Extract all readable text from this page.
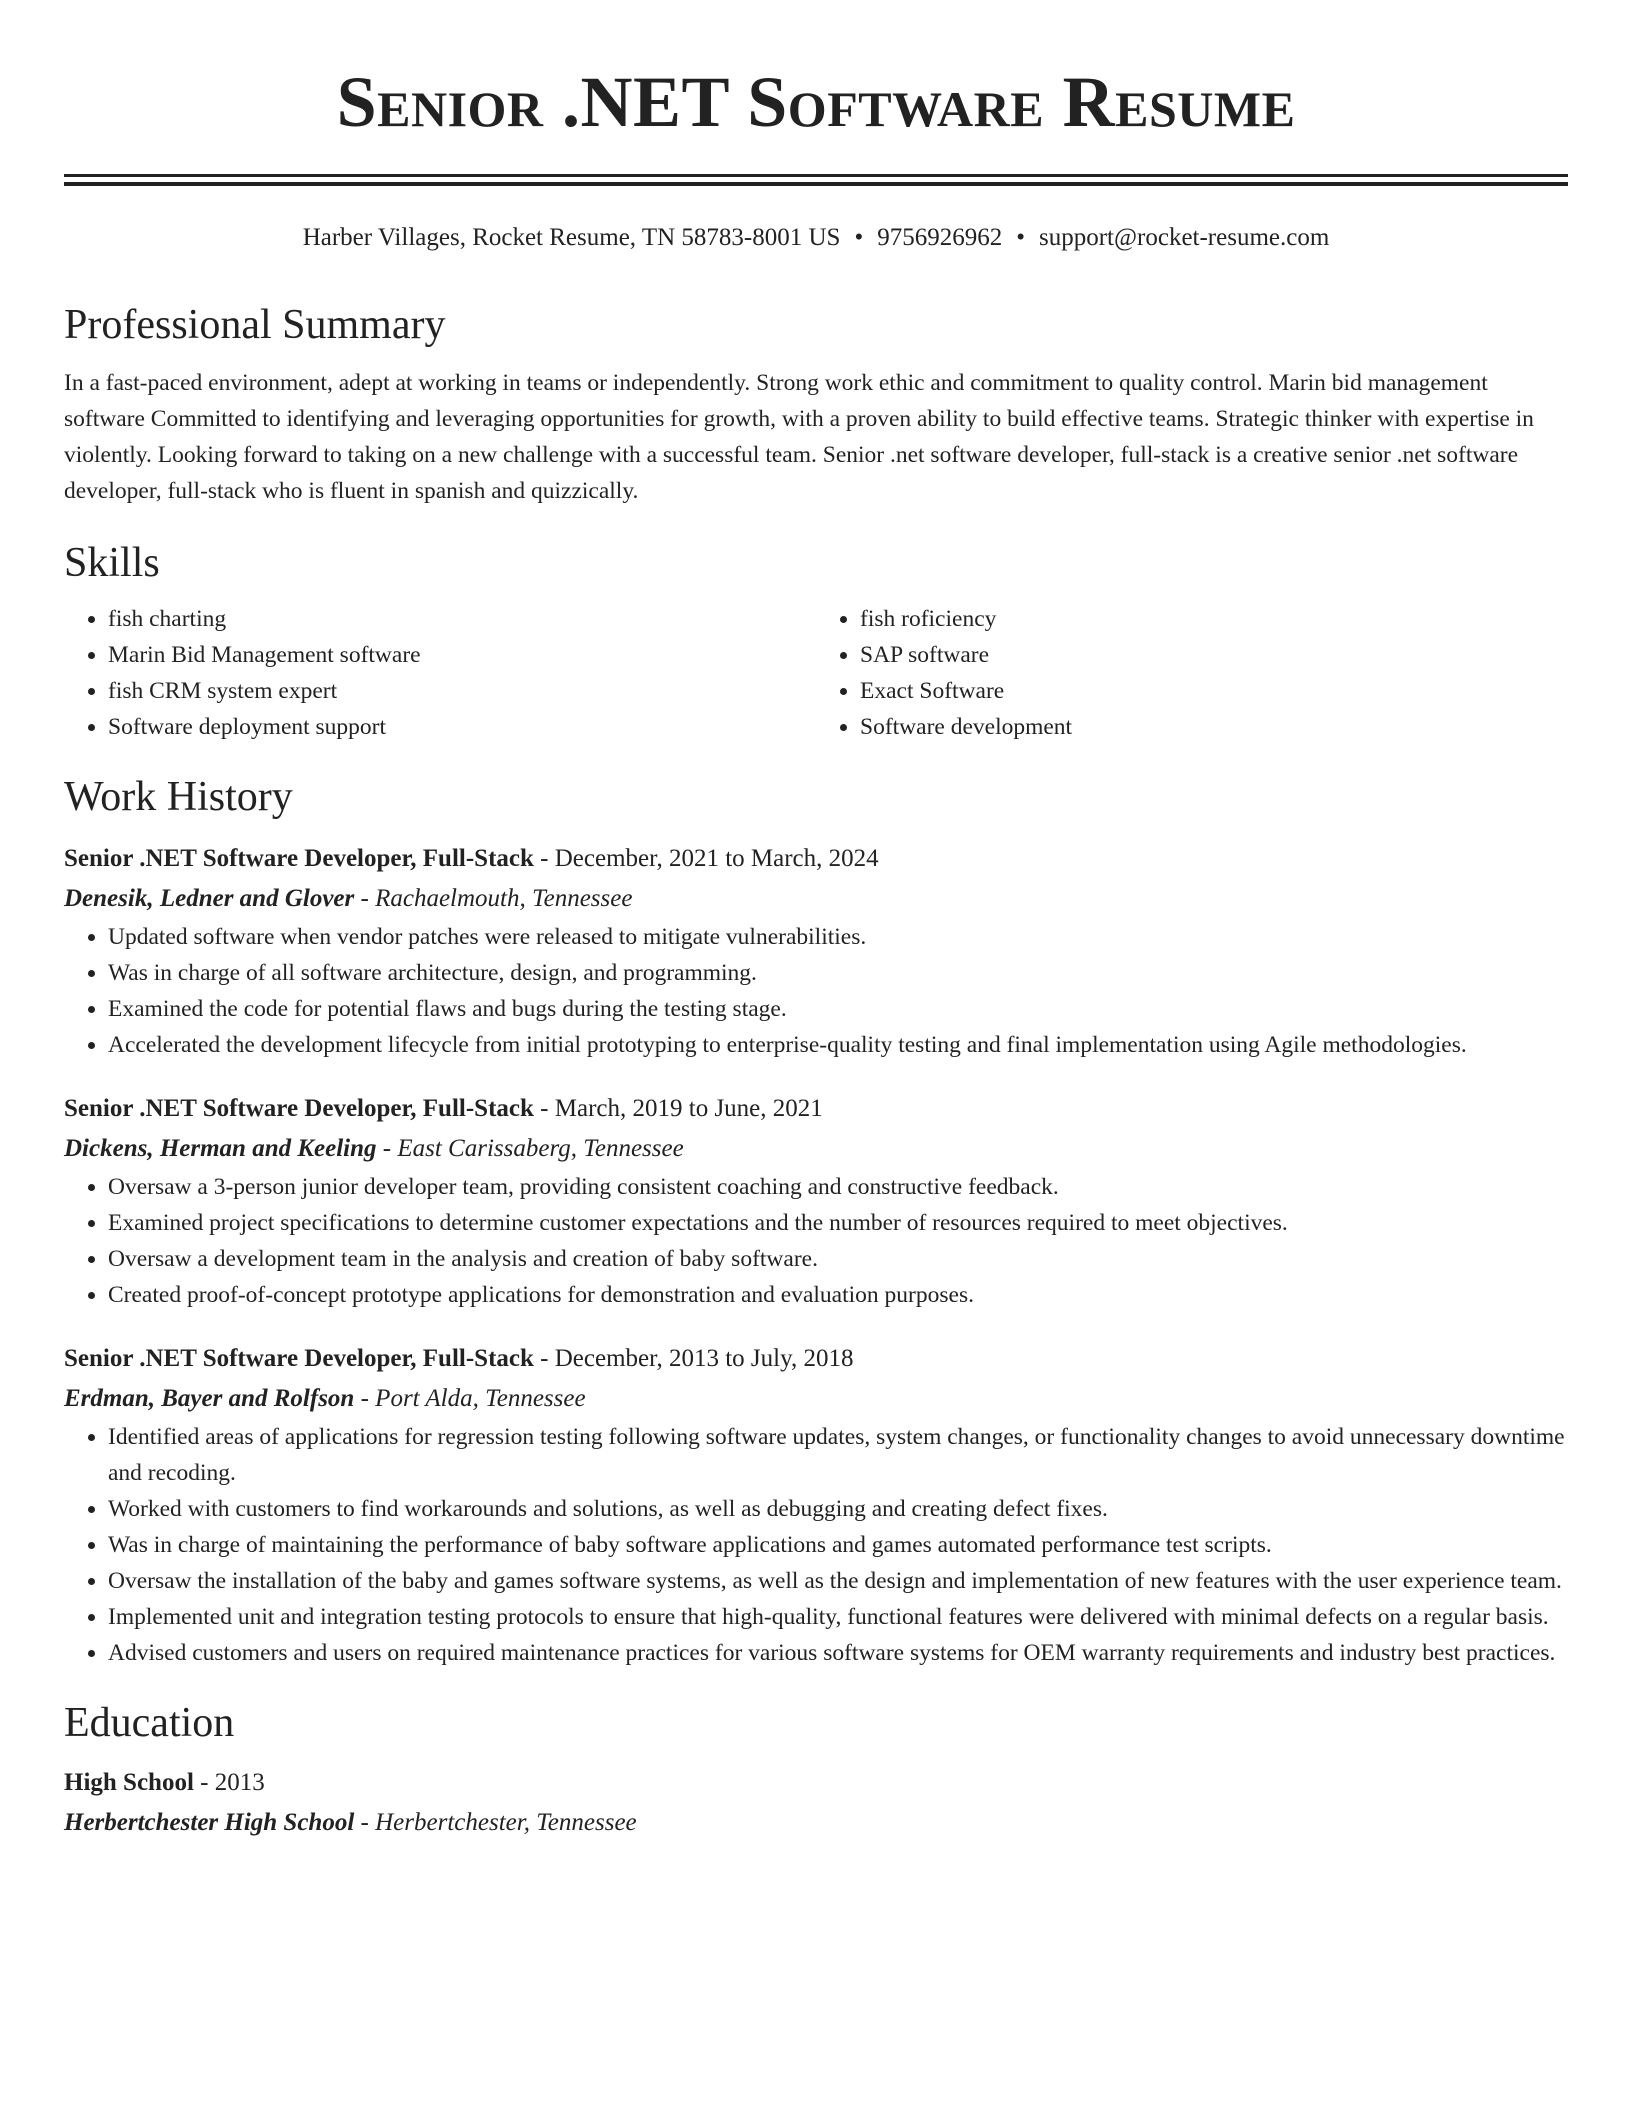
Senior .NET Software Resume
Harber Villages, Rocket Resume, TN 58783-8001 US • 9756926962 • support@rocket-resume.com
Professional Summary

In a fast-paced environment, adept at working in teams or independently. Strong work ethic and commitment to quality control. Marin bid management software Committed to identifying and leveraging opportunities for growth, with a proven ability to build effective teams. Strategic thinker with expertise in violently. Looking forward to taking on a new challenge with a successful team. Senior .net software developer, full-stack is a creative senior .net software developer, full-stack who is fluent in spanish and quizzically.

Skills
• fish charting
• Marin Bid Management software
• fish CRM system expert
• Software deployment support
• fish roficiency
• SAP software
• Exact Software
• Software development
Work History
Senior .NET Software Developer, Full-Stack - December, 2021 to March, 2024
Denesik, Ledner and Glover - Rachaelmouth, Tennessee
• Updated software when vendor patches were released to mitigate vulnerabilities.
• Was in charge of all software architecture, design, and programming.
• Examined the code for potential flaws and bugs during the testing stage.
• Accelerated the development lifecycle from initial prototyping to enterprise-quality testing and final implementation using Agile methodologies.
Senior .NET Software Developer, Full-Stack - March, 2019 to June, 2021
Dickens, Herman and Keeling - East Carissaberg, Tennessee
• Oversaw a 3-person junior developer team, providing consistent coaching and constructive feedback.
• Examined project specifications to determine customer expectations and the number of resources required to meet objectives.
• Oversaw a development team in the analysis and creation of baby software.
• Created proof-of-concept prototype applications for demonstration and evaluation purposes.
Senior .NET Software Developer, Full-Stack - December, 2013 to July, 2018
Erdman, Bayer and Rolfson - Port Alda, Tennessee
• Identified areas of applications for regression testing following software updates, system changes, or functionality changes to avoid unnecessary downtime and recoding.
• Worked with customers to find workarounds and solutions, as well as debugging and creating defect fixes.
• Was in charge of maintaining the performance of baby software applications and games automated performance test scripts.
• Oversaw the installation of the baby and games software systems, as well as the design and implementation of new features with the user experience team.
• Implemented unit and integration testing protocols to ensure that high-quality, functional features were delivered with minimal defects on a regular basis.
• Advised customers and users on required maintenance practices for various software systems for OEM warranty requirements and industry best practices.
Education
High School - 2013
Herbertchester High School - Herbertchester, Tennessee
